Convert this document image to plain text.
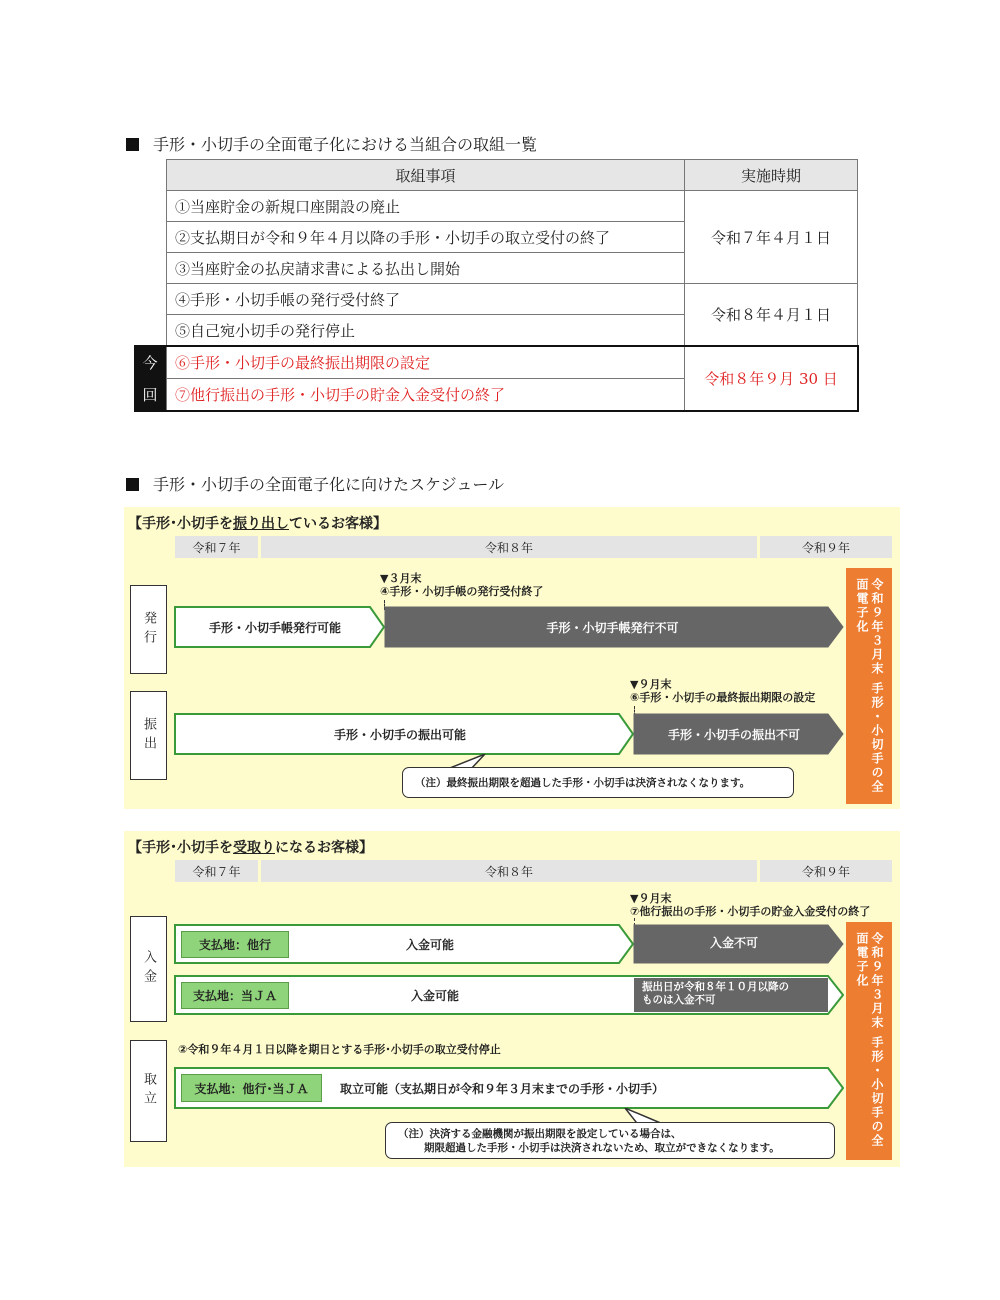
手形・小切手の全面電子化における当組合の取組一覧
取組事項	実施時期
①当座貯金の新規口座開設の廃止
②支払期日が令和９年４月以降の手形・小切手の取立受付の終了
③当座貯金の払戻請求書による払出し開始
令和７年４月１日
④手形・小切手帳の発行受付終了
⑤自己宛小切手の発行停止
令和８年４月１日
⑥手形・小切手の最終振出期限の設定
⑦他行振出の手形・小切手の貯金入金受付の終了
令和８年９月 30 日
今
回
手形・小切手の全面電子化に向けたスケジュール
【手形･小切手を振り出しているお客様】
令和７年	令和８年	令和９年
発行
▼３月末
④手形・小切手帳の発行受付終了
手形・小切手帳発行可能	手形・小切手帳発行不可
振出
▼９月末
⑥手形・小切手の最終振出期限の設定
手形・小切手の振出可能	手形・小切手の振出不可
（注）最終振出期限を超過した手形・小切手は決済されなくなります。
令和９年３月末 手形・小切手の全面電子化
【手形･小切手を受取りになるお客様】
令和７年	令和８年	令和９年
入金
▼９月末
⑦他行振出の手形・小切手の貯金入金受付の終了
支払地：他行	入金可能	入金不可
支払地：当ＪＡ	入金可能
振出日が令和８年１０月以降の
ものは入金不可
取立
②令和９年４月１日以降を期日とする手形･小切手の取立受付停止
支払地：他行･当ＪＡ	取立可能（支払期日が令和９年３月末までの手形・小切手）
（注）決済する金融機関が振出期限を設定している場合は、
期限超過した手形・小切手は決済されないため、取立ができなくなります。
令和９年３月末 手形・小切手の全面電子化
